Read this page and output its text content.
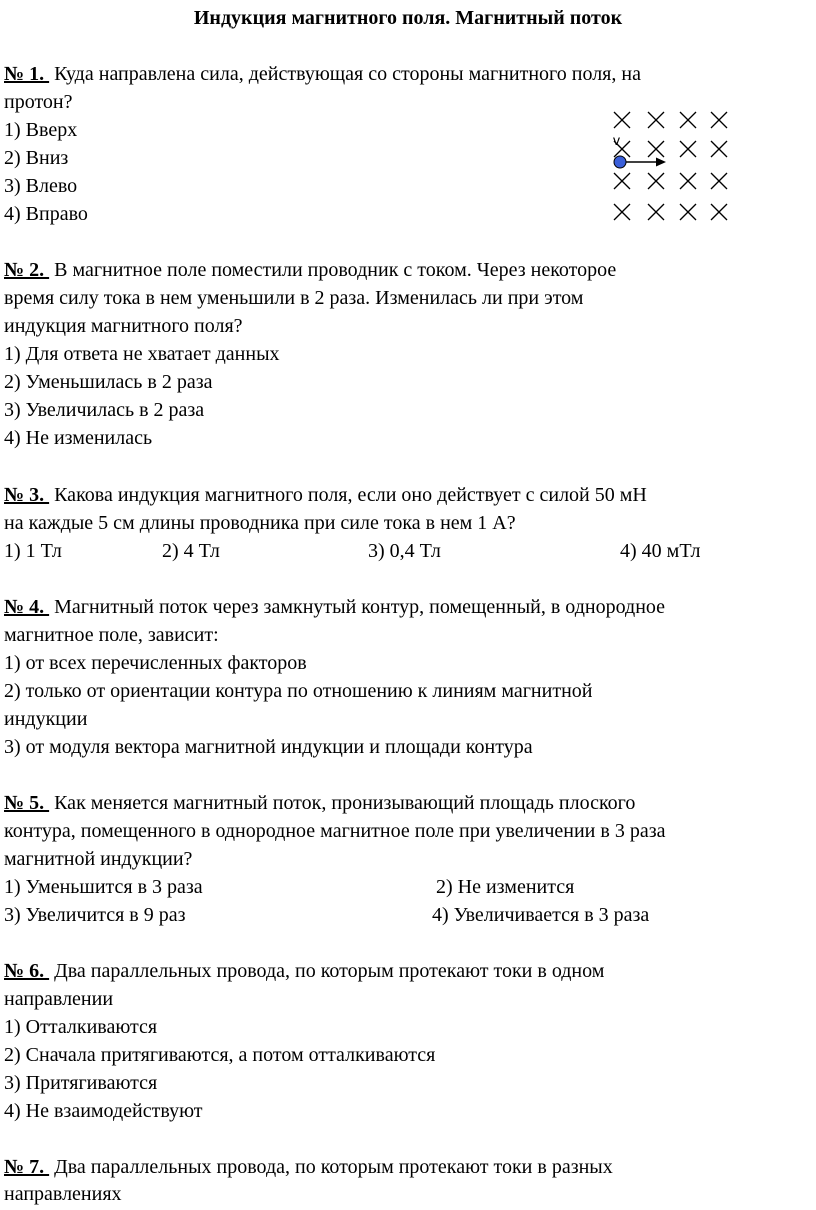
Индукция магнитного поля. Магнитный поток
№ 1.  Куда направлена сила, действующая со стороны магнитного поля, на
протон?
1) Вверх
2) Вниз
3) Влево
4) Вправо
v
№ 2.  В магнитное поле поместили проводник с током. Через некоторое
время силу тока в нем уменьшили в 2 раза. Изменилась ли при этом
индукция магнитного поля?
1) Для ответа не хватает данных
2) Уменьшилась в 2 раза
3) Увеличилась в 2 раза
4) Не изменилась
№ 3.  Какова индукция магнитного поля, если оно действует с силой 50 мН
на каждые 5 см длины проводника при силе тока в нем 1 А?
1) 1 Тл	2) 4 Тл	3) 0,4 Тл	4) 40 мТл
№ 4.  Магнитный поток через замкнутый контур, помещенный, в однородное
магнитное поле, зависит:
1) от всех перечисленных факторов
2) только от ориентации контура по отношению к линиям магнитной
индукции
3) от модуля вектора магнитной индукции и площади контура
№ 5.  Как меняется магнитный поток, пронизывающий площадь плоского
контура, помещенного в однородное магнитное поле при увеличении в 3 раза
магнитной индукции?
1) Уменьшится в 3 раза	2) Не изменится
3) Увеличится в 9 раз	4) Увеличивается в 3 раза
№ 6.  Два параллельных провода, по которым протекают токи в одном
направлении
1) Отталкиваются
2) Сначала притягиваются, а потом отталкиваются
3) Притягиваются
4) Не взаимодействуют
№ 7.  Два параллельных провода, по которым протекают токи в разных
направлениях
